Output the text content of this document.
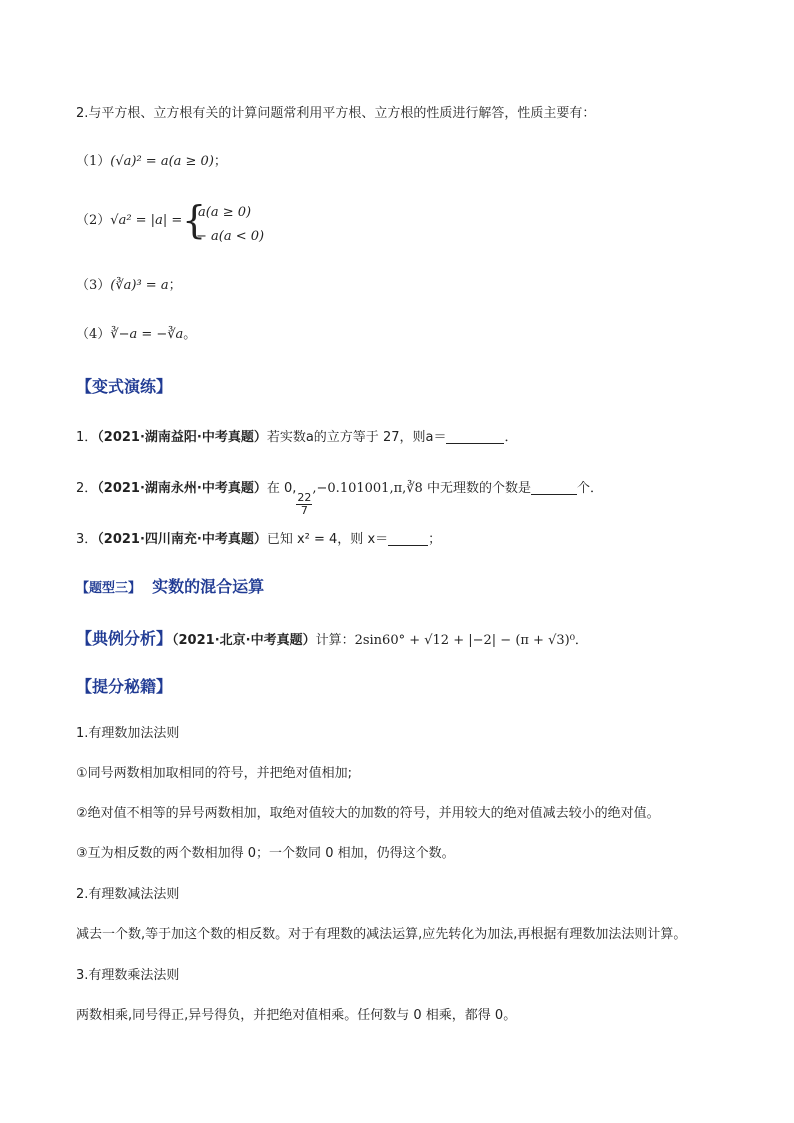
2.与平方根、立方根有关的计算问题常利用平方根、立方根的性质进行解答，性质主要有：
（1）(√a)² = a(a ≥ 0)；
（2）√a² = |a| = {
a(a ≥ 0)
− a(a < 0)
（3）(∛a)³ = a；
（4）∛−a = −∛a。
【变式演练】
1．（2021·湖南益阳·中考真题）若实数a的立方等于 27，则a＝	．
2．（2021·湖南永州·中考真题）在 0,
$\frac{22}{7}$
,−0.101001,π,∛8 中无理数的个数是	个．
3．（2021·四川南充·中考真题）已知 x² = 4，则 x＝	；
【题型三】 实数的混合运算
【典例分析】（2021·北京·中考真题）计算：2sin60° + √12 + |−2| − (π + √3)⁰．
【提分秘籍】
1.有理数加法法则
①同号两数相加取相同的符号，并把绝对值相加;
②绝对值不相等的异号两数相加，取绝对值较大的加数的符号，并用较大的绝对值减去较小的绝对值。
③互为相反数的两个数相加得 0；一个数同 0 相加，仍得这个数。
2.有理数减法法则
减去一个数,等于加这个数的相反数。对于有理数的减法运算,应先转化为加法,再根据有理数加法法则计算。
3.有理数乘法法则
两数相乘,同号得正,异号得负，并把绝对值相乘。任何数与 0 相乘，都得 0。
